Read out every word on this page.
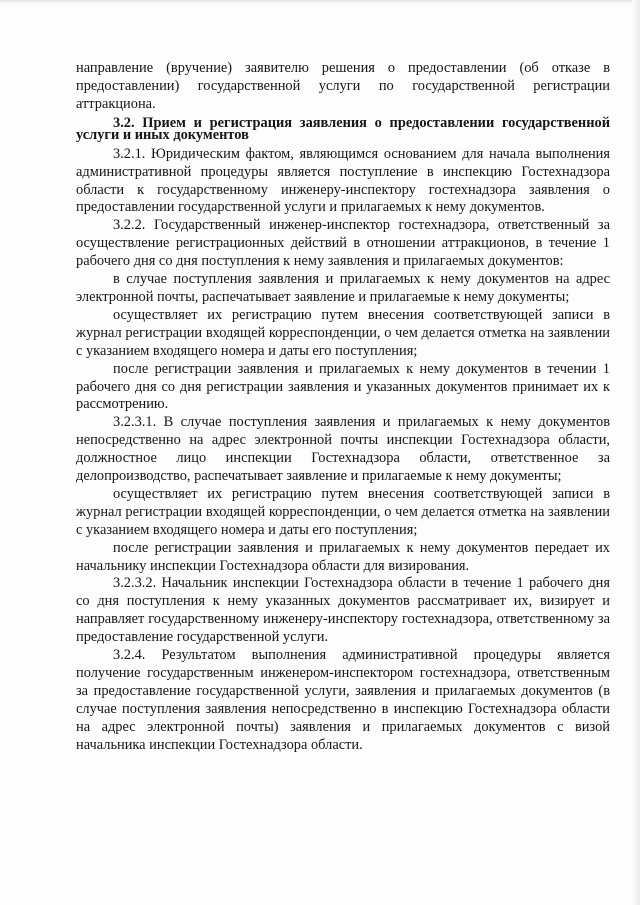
направление (вручение) заявителю решения о предоставлении (об отказе в предоставлении) государственной услуги по государственной регистрации аттракциона.

3.2. Прием и регистрация заявления о предоставлении государственной услуги и иных документов

3.2.1. Юридическим фактом, являющимся основанием для начала выполнения административной процедуры является поступление в инспекцию Гостехнадзора области к государственному инженеру-инспектору гостехнадзора заявления о предоставлении государственной услуги и прилагаемых к нему документов.

3.2.2. Государственный инженер-инспектор гостехнадзора, ответственный за осуществление регистрационных действий в отношении аттракционов, в течение 1 рабочего дня со дня поступления к нему заявления и прилагаемых документов:

в случае поступления заявления и прилагаемых к нему документов на адрес электронной почты, распечатывает заявление и прилагаемые к нему документы;

осуществляет их регистрацию путем внесения соответствующей записи в журнал регистрации входящей корреспонденции, о чем делается отметка на заявлении с указанием входящего номера и даты его поступления;

после регистрации заявления и прилагаемых к нему документов в течении 1 рабочего дня со дня регистрации заявления и указанных документов принимает их к рассмотрению.

3.2.3.1. В случае поступления заявления и прилагаемых к нему документов непосредственно на адрес электронной почты инспекции Гостехнадзора области, должностное лицо инспекции Гостехнадзора области, ответственное за делопроизводство, распечатывает заявление и прилагаемые к нему документы;

осуществляет их регистрацию путем внесения соответствующей записи в журнал регистрации входящей корреспонденции, о чем делается отметка на заявлении с указанием входящего номера и даты его поступления;

после регистрации заявления и прилагаемых к нему документов передает их начальнику инспекции Гостехнадзора области для визирования.

3.2.3.2. Начальник инспекции Гостехнадзора области в течение 1 рабочего дня со дня поступления к нему указанных документов рассматривает их, визирует и направляет государственному инженеру-инспектору гостехнадзора, ответственному за предоставление государственной услуги.

3.2.4. Результатом выполнения административной процедуры является получение государственным инженером-инспектором гостехнадзора, ответственным за предоставление государственной услуги, заявления и прилагаемых документов (в случае поступления заявления непосредственно в инспекцию Гостехнадзора области на адрес электронной почты) заявления и прилагаемых документов с визой начальника инспекции Гостехнадзора области.
